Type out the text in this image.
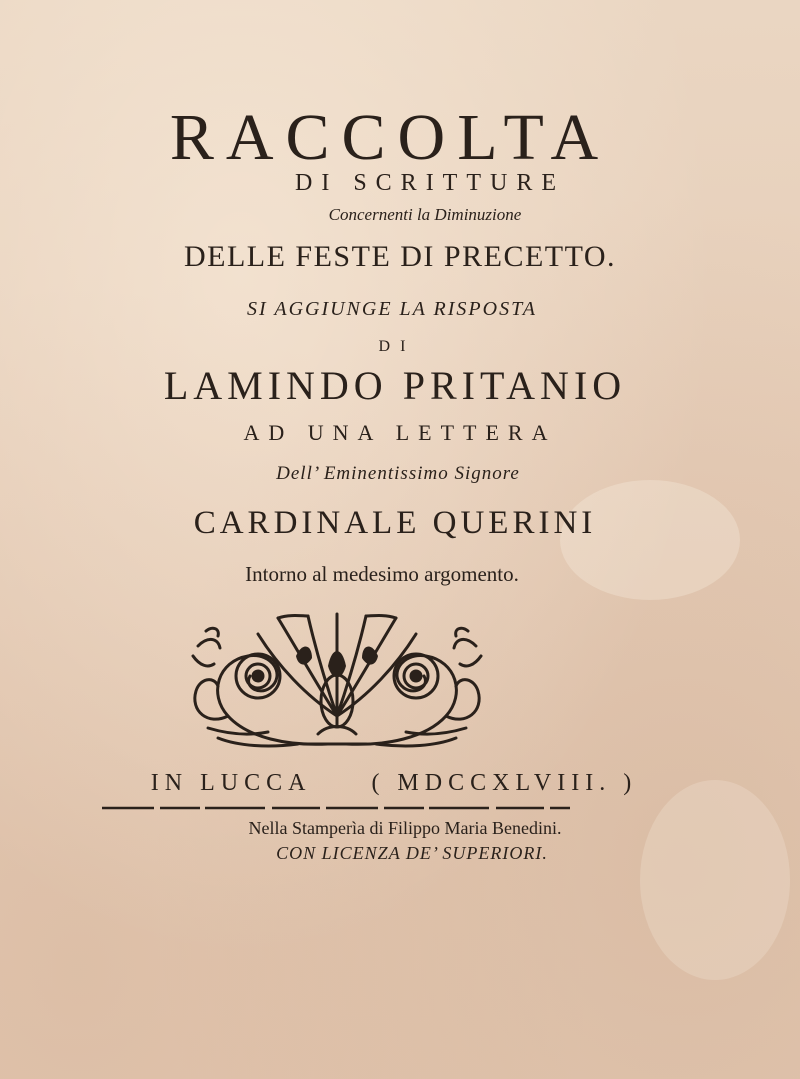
RACCOLTA
DI SCRITTURE
Concernenti la Diminuzione
DELLE FESTE DI PRECETTO.
SI AGGIUNGE LA RISPOSTA
DI
LAMINDO PRITANIO
AD UNA LETTERA
Dell’ Eminentissimo Signore
CARDINALE QUERINI
Intorno al medesimo argomento.
IN LUCCA	( MDCCXLVIII. )
Nella Stamperìa di Filippo Maria Benedini.
CON LICENZA DE’ SUPERIORI.
